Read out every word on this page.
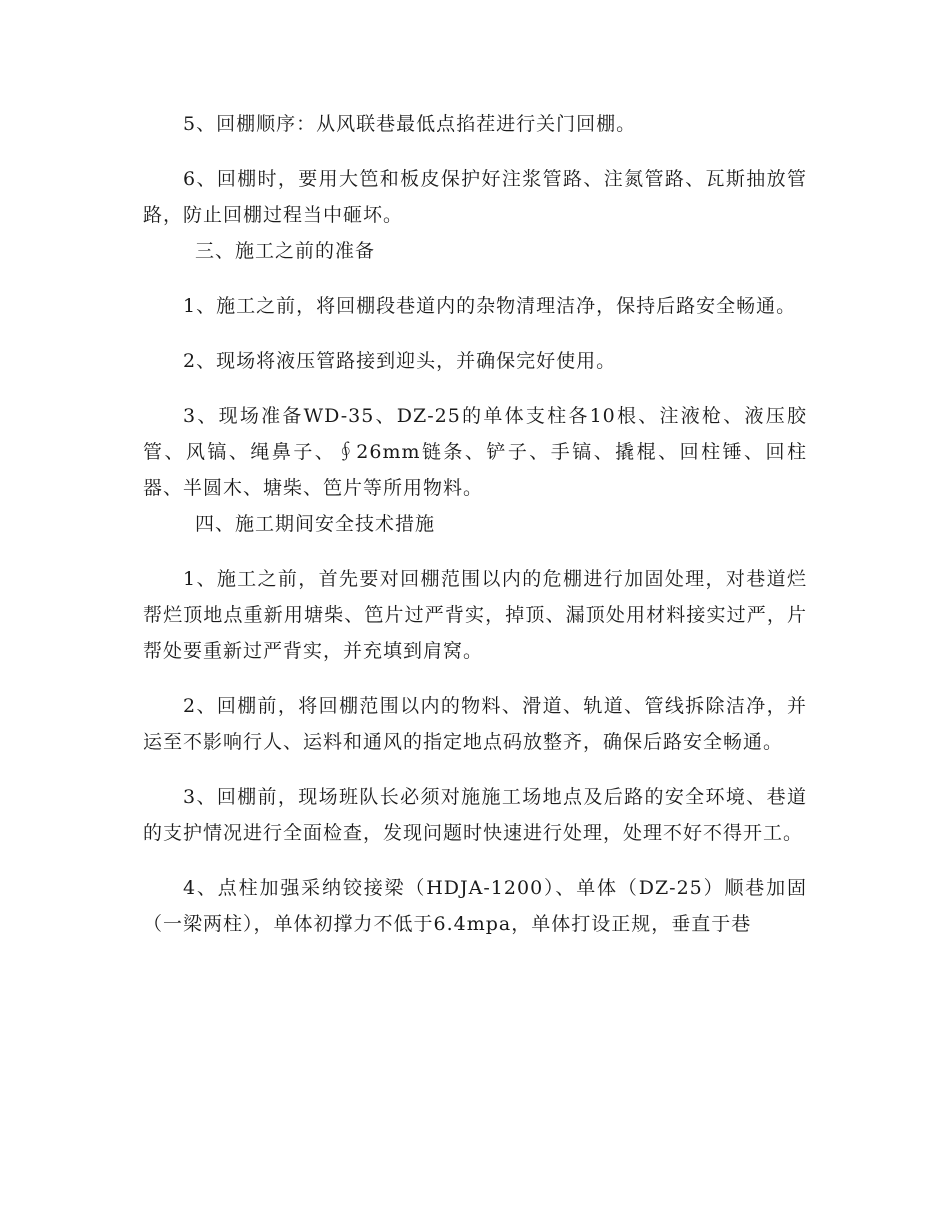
5、回棚顺序：从风联巷最低点掐茬进行关门回棚。

6、回棚时，要用大笆和板皮保护好注浆管路、注氮管路、瓦斯抽放管路，防止回棚过程当中砸坏。

三、施工之前的准备

1、施工之前，将回棚段巷道内的杂物清理洁净，保持后路安全畅通。

2、现场将液压管路接到迎头，并确保完好使用。

3、现场准备WD-35、DZ-25的单体支柱各10根、注液枪、液压胶管、风镐、绳鼻子、∮26mm链条、铲子、手镐、撬棍、回柱锤、回柱器、半圆木、塘柴、笆片等所用物料。

四、施工期间安全技术措施

1、施工之前，首先要对回棚范围以内的危棚进行加固处理，对巷道烂帮烂顶地点重新用塘柴、笆片过严背实，掉顶、漏顶处用材料接实过严，片帮处要重新过严背实，并充填到肩窝。

2、回棚前，将回棚范围以内的物料、滑道、轨道、管线拆除洁净，并运至不影响行人、运料和通风的指定地点码放整齐，确保后路安全畅通。

3、回棚前，现场班队长必须对施施工场地点及后路的安全环境、巷道的支护情况进行全面检查，发现问题时快速进行处理，处理不好不得开工。

4、点柱加强采纳铰接梁（HDJA-1200）、单体（DZ-25）顺巷加固（一梁两柱），单体初撑力不低于6.4mpa，单体打设正规，垂直于巷
